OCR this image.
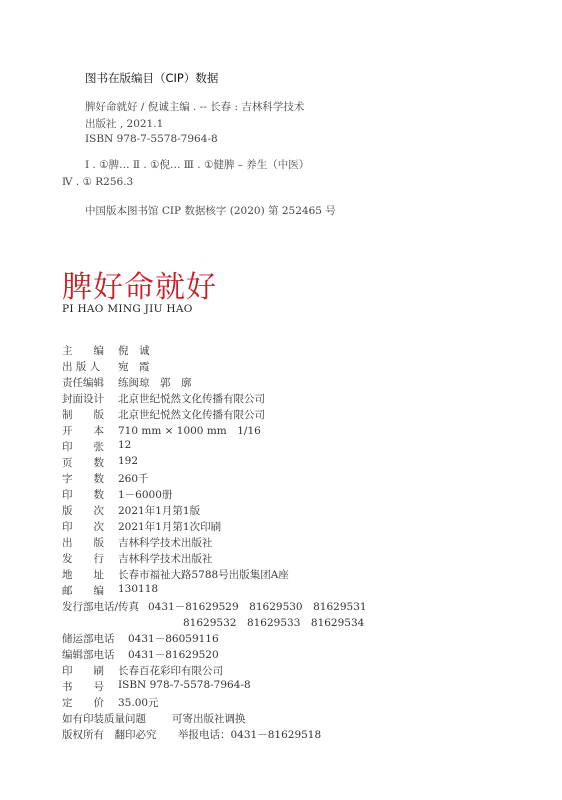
图书在版编目（CIP）数据
脾好命就好 / 倪诚主编 . -- 长春 : 吉林科学技术
出版社 , 2021.1
ISBN 978-7-5578-7964-8
Ⅰ . ①脾… Ⅱ . ①倪… Ⅲ . ①健脾 – 养生（中医）
Ⅳ . ① R256.3
中国版本图书馆 CIP 数据核字 (2020) 第 252465 号
脾好命就好
PI HAO MING JIU HAO
主　　编 倪　诚
出 版 人 宛　霞
责任编辑 练闽琼　郭　廓
封面设计 北京世纪悦然文化传播有限公司
制　　版 北京世纪悦然文化传播有限公司
开　　本 710 mm × 1000 mm　1/16
印　　张 12
页　　数 192
字　　数 260千
印　　数 1－6000册
版　　次 2021年1月第1版
印　　次 2021年1月第1次印刷
出　　版 吉林科学技术出版社
发　　行 吉林科学技术出版社
地　　址 长春市福祉大路5788号出版集团A座
邮　　编 130118
发行部电话/传真 0431－81629529　81629530　81629531
81629532　81629533　81629534
储运部电话 0431－86059116
编辑部电话 0431－81629520
印　　刷 长春百花彩印有限公司
书　　号 ISBN 978-7-5578-7964-8
定　　价 35.00元
如有印装质量问题 可寄出版社调换
版权所有　翻印必究 举报电话：0431－81629518
